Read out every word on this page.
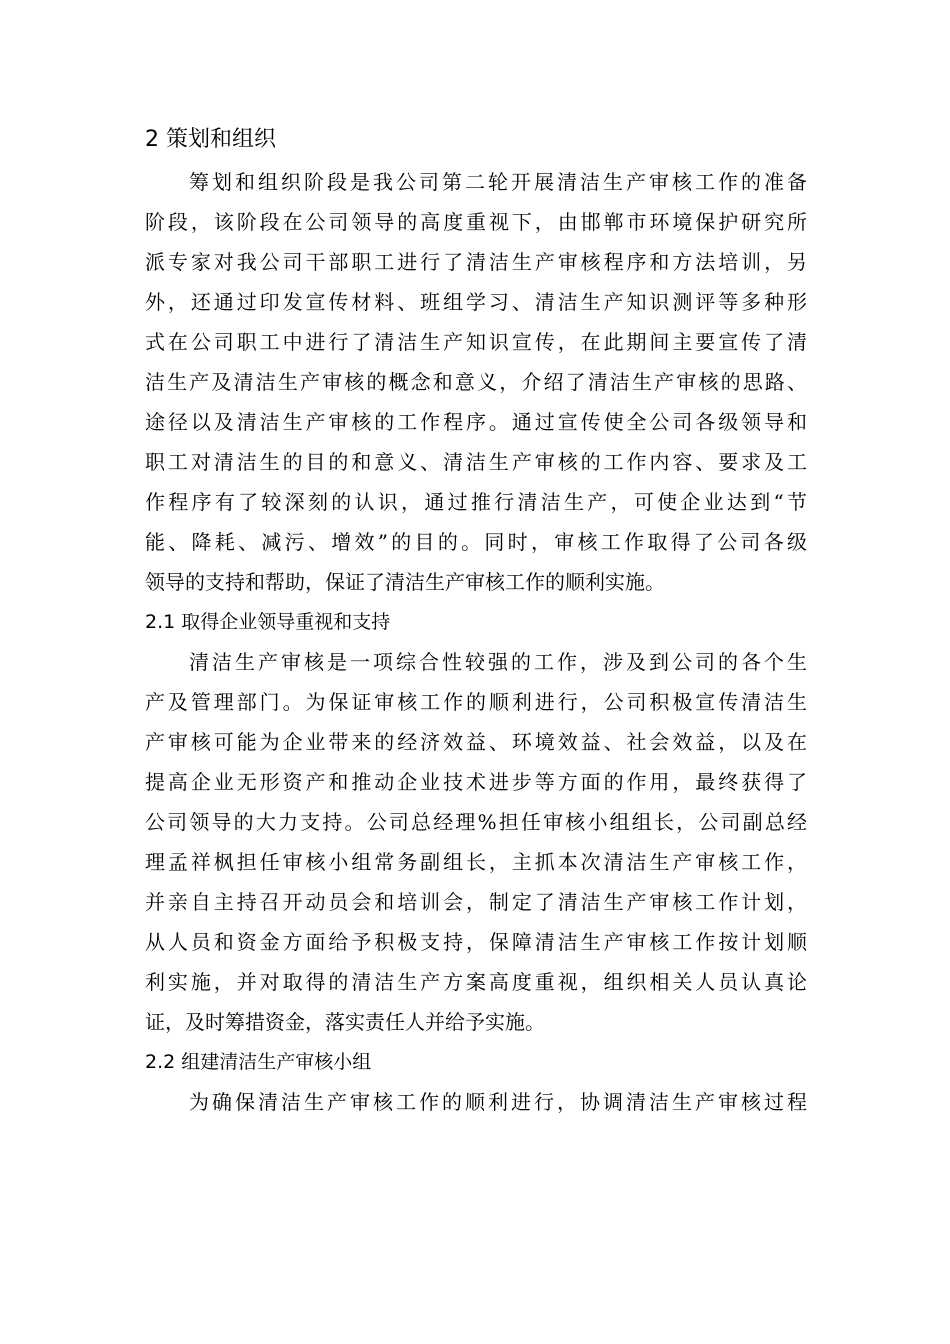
2 策划和组织
筹划和组织阶段是我公司第二轮开展清洁生产审核工作的准备
阶段，该阶段在公司领导的高度重视下，由邯郸市环境保护研究所
派专家对我公司干部职工进行了清洁生产审核程序和方法培训，另
外，还通过印发宣传材料、班组学习、清洁生产知识测评等多种形
式在公司职工中进行了清洁生产知识宣传，在此期间主要宣传了清
洁生产及清洁生产审核的概念和意义，介绍了清洁生产审核的思路、
途径以及清洁生产审核的工作程序。通过宣传使全公司各级领导和
职工对清洁生的目的和意义、清洁生产审核的工作内容、要求及工
作程序有了较深刻的认识，通过推行清洁生产，可使企业达到“节
能、降耗、减污、增效”的目的。同时，审核工作取得了公司各级
领导的支持和帮助，保证了清洁生产审核工作的顺利实施。
2.1 取得企业领导重视和支持
清洁生产审核是一项综合性较强的工作，涉及到公司的各个生
产及管理部门。为保证审核工作的顺利进行，公司积极宣传清洁生
产审核可能为企业带来的经济效益、环境效益、社会效益，以及在
提高企业无形资产和推动企业技术进步等方面的作用，最终获得了
公司领导的大力支持。公司总经理%担任审核小组组长，公司副总经
理孟祥枫担任审核小组常务副组长，主抓本次清洁生产审核工作，
并亲自主持召开动员会和培训会，制定了清洁生产审核工作计划，
从人员和资金方面给予积极支持，保障清洁生产审核工作按计划顺
利实施，并对取得的清洁生产方案高度重视，组织相关人员认真论
证，及时筹措资金，落实责任人并给予实施。
2.2 组建清洁生产审核小组
为确保清洁生产审核工作的顺利进行，协调清洁生产审核过程
